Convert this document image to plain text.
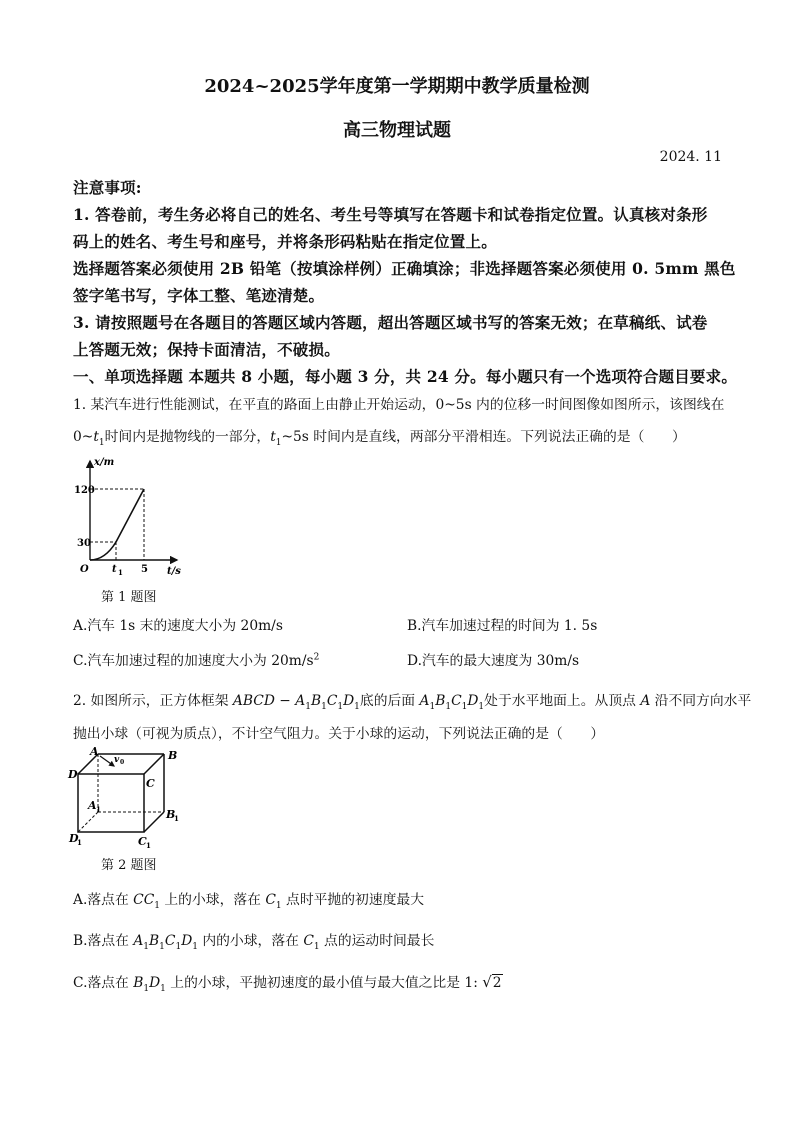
2024~2025学年度第一学期期中教学质量检测
高三物理试题
2024. 11
注意事项:
1. 答卷前，考生务必将自己的姓名、考生号等填写在答题卡和试卷指定位置。认真核对条形
码上的姓名、考生号和座号，并将条形码粘贴在指定位置上。
选择题答案必须使用 2B 铅笔（按填涂样例）正确填涂；非选择题答案必须使用 0. 5mm 黑色
签字笔书写，字体工整、笔迹清楚。
3. 请按照题号在各题目的答题区域内答题，超出答题区域书写的答案无效；在草稿纸、试卷
上答题无效；保持卡面清洁，不破损。
一、单项选择题 本题共 8 小题，每小题 3 分，共 24 分。每小题只有一个选项符合题目要求。
1. 某汽车进行性能测试，在平直的路面上由静止开始运动，0~5s 内的位移一时间图像如图所示，该图线在
$0\sim t_1$时间内是抛物线的一部分，$t_1\sim 5s$ 时间内是直线，两部分平滑相连。下列说法正确的是（　　）
x/m
t/s
O
120
30
t 1 5
第 1 题图
A.汽车 1s 末的速度大小为 20m/s	B.汽车加速过程的时间为 1. 5s
C.汽车加速过程的加速度大小为 $20m/s^2$	D.汽车的最大速度为 30m/s
2. 如图所示，正方体框架 ABCD − $A_1B_1C_1D_1$底的后面 $A_1B_1C_1D_1$处于水平地面上。从顶点 A 沿不同方向水平
抛出小球（可视为质点），不计空气阻力。关于小球的运动，下列说法正确的是（　　）
A	B
C
D
A 1	B
1
C 1
D
1
v 0
第 2 题图
A.落点在 $CC_1$ 上的小球，落在 $C_1$ 点时平抛的初速度最大
B.落点在 $A_1B_1C_1D_1$ 内的小球，落在 $C_1$ 点的运动时间最长
C.落点在 $B_1D_1$ 上的小球，平抛初速度的最小值与最大值之比是 1: √2
